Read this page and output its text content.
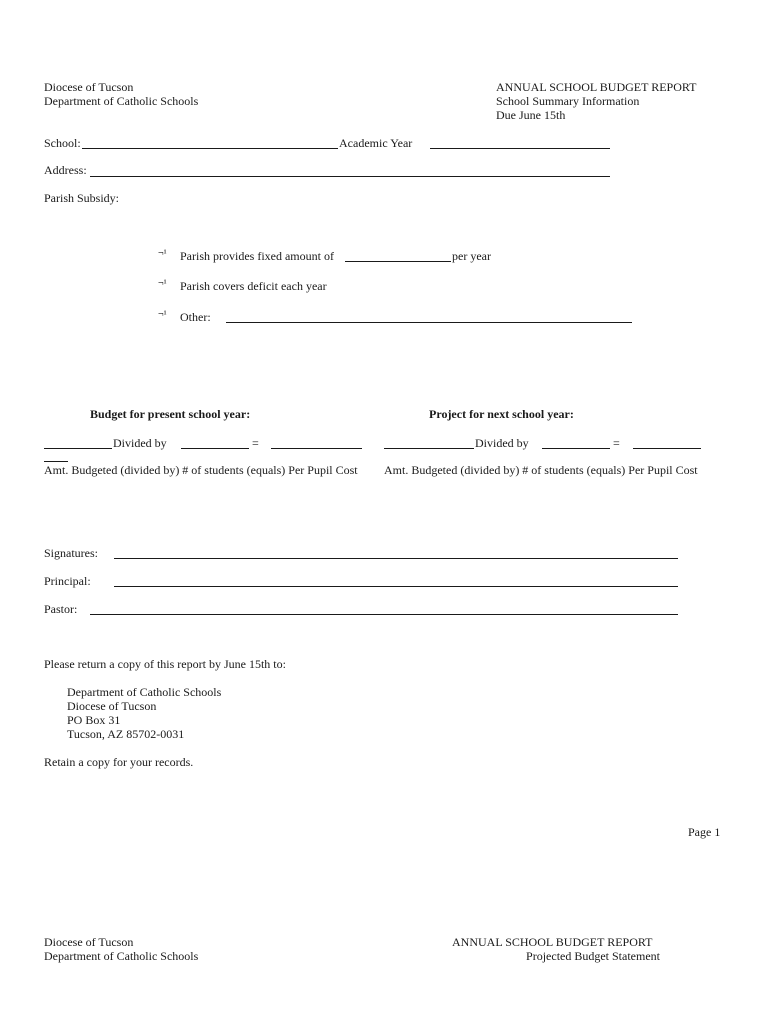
Diocese of Tucson
Department of Catholic Schools
ANNUAL SCHOOL BUDGET REPORT
School Summary Information
Due June 15th
School:	Academic Year
Address:
Parish Subsidy:
¬¹ Parish provides fixed amount of	per year
¬¹ Parish covers deficit each year
¬¹ Other:
Budget for present school year:	Project for next school year:
Divided by	=
Amt. Budgeted (divided by) # of students (equals) Per Pupil Cost
Divided by	=
Amt. Budgeted (divided by) # of students (equals) Per Pupil Cost
Signatures:
Principal:
Pastor:
Please return a copy of this report by June 15th to:
Department of Catholic Schools
Diocese of Tucson
PO Box 31
Tucson, AZ 85702-0031
Retain a copy for your records.
Page 1
Diocese of Tucson
Department of Catholic Schools
ANNUAL SCHOOL BUDGET REPORT
Projected Budget Statement
